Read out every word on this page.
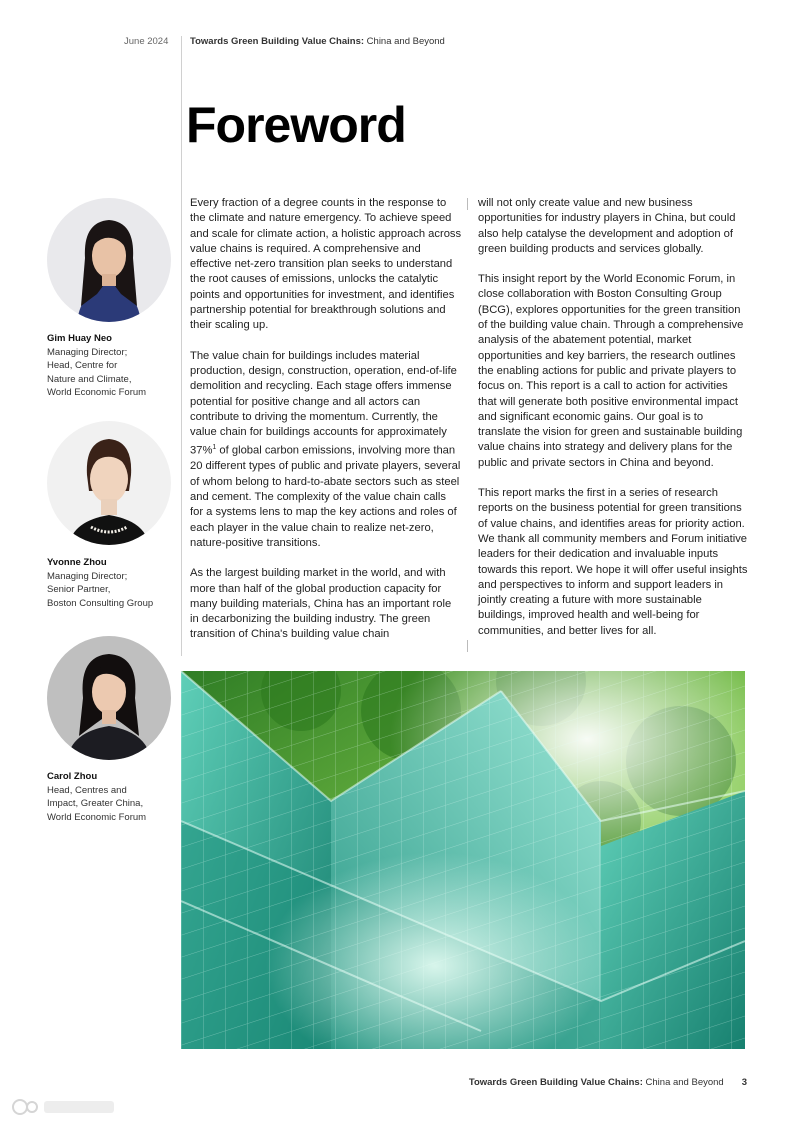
June 2024 Towards Green Building Value Chains: China and Beyond
Foreword
Gim Huay Neo
Managing Director;
Head, Centre for
Nature and Climate,
World Economic Forum
Yvonne Zhou
Managing Director;
Senior Partner,
Boston Consulting Group
Carol Zhou
Head, Centres and
Impact, Greater China,
World Economic Forum

Every fraction of a degree counts in the response to the climate and nature emergency. To achieve speed and scale for climate action, a holistic approach across value chains is required. A comprehensive and effective net-zero transition plan seeks to understand the root causes of emissions, unlocks the catalytic points and opportunities for investment, and identifies partnership potential for breakthrough solutions and their scaling up.

The value chain for buildings includes material production, design, construction, operation, end-of-life demolition and recycling. Each stage offers immense potential for positive change and all actors can contribute to driving the momentum. Currently, the value chain for buildings accounts for approximately 37%$^1$ of global carbon emissions, involving more than 20 different types of public and private players, several of whom belong to hard-to-abate sectors such as steel and cement. The complexity of the value chain calls for a systems lens to map the key actions and roles of each player in the value chain to realize net-zero, nature-positive transitions.

As the largest building market in the world, and with more than half of the global production capacity for many building materials, China has an important role in decarbonizing the building industry. The green transition of China's building value chain

will not only create value and new business opportunities for industry players in China, but could also help catalyse the development and adoption of green building products and services globally.

This insight report by the World Economic Forum, in close collaboration with Boston Consulting Group (BCG), explores opportunities for the green transition of the building value chain. Through a comprehensive analysis of the abatement potential, market opportunities and key barriers, the research outlines the enabling actions for public and private players to focus on. This report is a call to action for activities that will generate both positive environmental impact and significant economic gains. Our goal is to translate the vision for green and sustainable building value chains into strategy and delivery plans for the public and private sectors in China and beyond.

This report marks the first in a series of research reports on the business potential for green transitions of value chains, and identifies areas for priority action. We thank all community members and Forum initiative leaders for their dedication and invaluable inputs towards this report. We hope it will offer useful insights and perspectives to inform and support leaders in jointly creating a future with more sustainable buildings, improved health and well-being for communities, and better lives for all.

Towards Green Building Value Chains: China and Beyond 3
